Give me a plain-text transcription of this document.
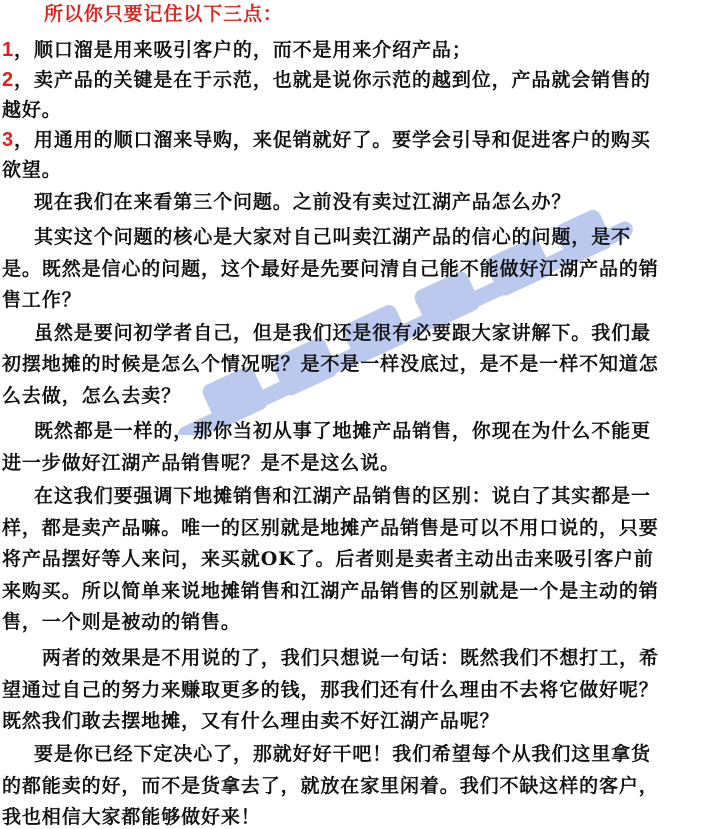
所以你只要记住以下三点：
1，顺口溜是用来吸引客户的，而不是用来介绍产品；
2，卖产品的关键是在于示范，也就是说你示范的越到位，产品就会销售的
越好。
3，用通用的顺口溜来导购，来促销就好了。要学会引导和促进客户的购买
欲望。
现在我们在来看第三个问题。之前没有卖过江湖产品怎么办？
其实这个问题的核心是大家对自己叫卖江湖产品的信心的问题，是不
是。既然是信心的问题，这个最好是先要问清自己能不能做好江湖产品的销
售工作？
虽然是要问初学者自己，但是我们还是很有必要跟大家讲解下。我们最
初摆地摊的时候是怎么个情况呢？是不是一样没底过，是不是一样不知道怎
么去做，怎么去卖？
既然都是一样的，那你当初从事了地摊产品销售，你现在为什么不能更
进一步做好江湖产品销售呢？是不是这么说。
在这我们要强调下地摊销售和江湖产品销售的区别：说白了其实都是一
样，都是卖产品嘛。唯一的区别就是地摊产品销售是可以不用口说的，只要
将产品摆好等人来问，来买就OK了。后者则是卖者主动出击来吸引客户前
来购买。所以简单来说地摊销售和江湖产品销售的区别就是一个是主动的销
售，一个则是被动的销售。
两者的效果是不用说的了，我们只想说一句话：既然我们不想打工，希
望通过自己的努力来赚取更多的钱，那我们还有什么理由不去将它做好呢？
既然我们敢去摆地摊，又有什么理由卖不好江湖产品呢？
要是你已经下定决心了，那就好好干吧！我们希望每个从我们这里拿货
的都能卖的好，而不是货拿去了，就放在家里闲着。我们不缺这样的客户，
我也相信大家都能够做好来！
